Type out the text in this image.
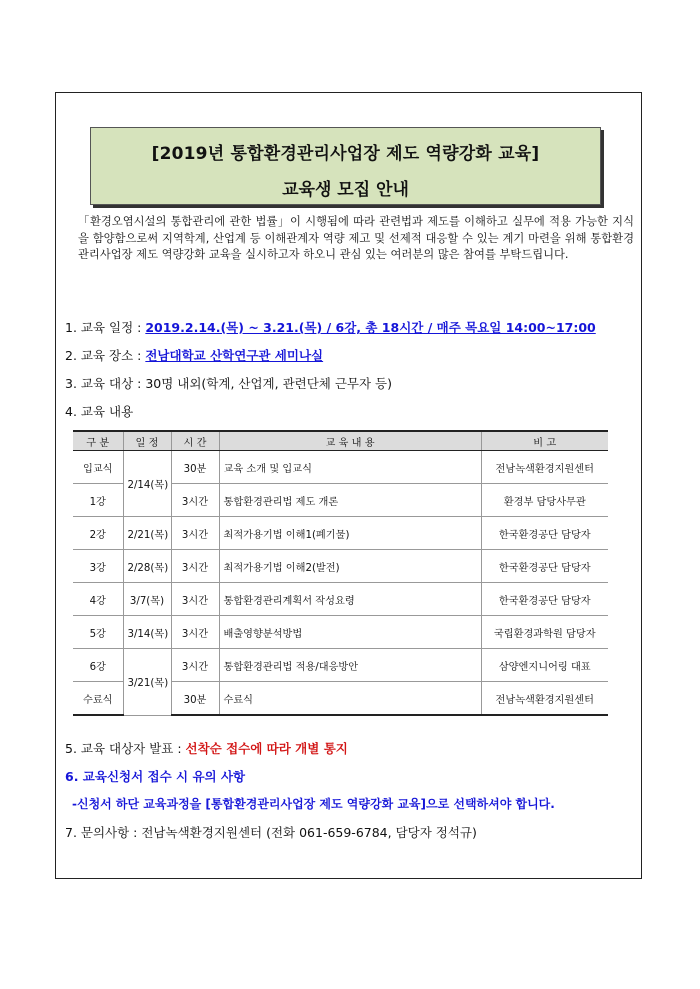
[2019년 통합환경관리사업장 제도 역량강화 교육]
교육생 모집 안내
「환경오염시설의 통합관리에 관한 법률」이 시행됨에 따라 관련법과 제도를 이해하고 실무에 적용 가능한 지식을 함양함으로써 지역학계, 산업계 등 이해관계자 역량 제고 및 선제적 대응할 수 있는 계기 마련을 위해 통합환경관리사업장 제도 역량강화 교육을 실시하고자 하오니 관심 있는 여러분의 많은 참여를 부탁드립니다.
1. 교육 일정 : 2019.2.14.(목) ~ 3.21.(목) / 6강, 총 18시간 / 매주 목요일 14:00~17:00
2. 교육 장소 : 전남대학교 산학연구관 세미나실
3. 교육 대상 : 30명 내외(학계, 산업계, 관련단체 근무자 등)
4. 교육 내용
구 분	일 정	시 간	교 육 내 용	비 고
입교식	2/14(목)	30분	교육 소개 및 입교식	전남녹색환경지원센터
1강		3시간	통합환경관리법 제도 개론	환경부 담당사무관
2강	2/21(목)	3시간	최적가용기법 이해1(폐기물)	한국환경공단 담당자
3강	2/28(목)	3시간	최적가용기법 이해2(발전)	한국환경공단 담당자
4강	3/7(목)	3시간	통합환경관리계획서 작성요령	한국환경공단 담당자
5강	3/14(목)	3시간	배출영향분석방법	국립환경과학원 담당자
6강	3/21(목)	3시간	통합환경관리법 적용/대응방안	삼양엔지니어링 대표
수료식		30분	수료식	전남녹색환경지원센터
5. 교육 대상자 발표 : 선착순 접수에 따라 개별 통지
6. 교육신청서 접수 시 유의 사항
-신청서 하단 교육과정을 [통합환경관리사업장 제도 역량강화 교육]으로 선택하셔야 합니다.
7. 문의사항 : 전남녹색환경지원센터 (전화 061-659-6784, 담당자 정석규)
